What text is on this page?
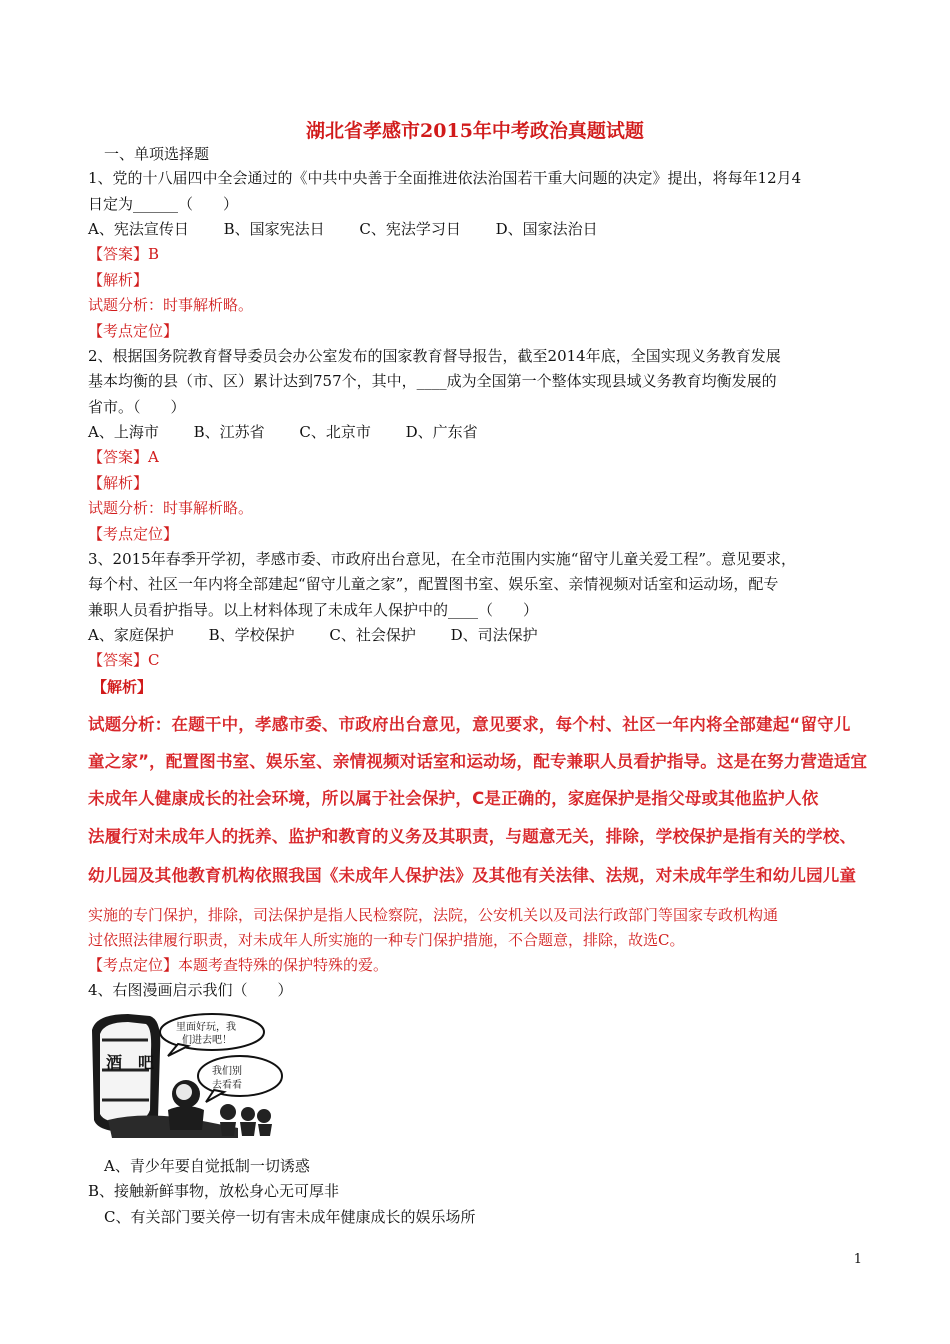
湖北省孝感市2015年中考政治真题试题
一、单项选择题
1、党的十八届四中全会通过的《中共中央善于全面推进依法治国若干重大问题的决定》提出，将每年12月4
日定为______（　　）
A、宪法宣传日　　 B、国家宪法日　　 C、宪法学习日　　 D、国家法治日
【答案】B
【解析】
试题分析：时事解析略。
【考点定位】
2、根据国务院教育督导委员会办公室发布的国家教育督导报告，截至2014年底，全国实现义务教育发展
基本均衡的县（市、区）累计达到757个，其中，____成为全国第一个整体实现县域义务教育均衡发展的
省市。（　　）
A、上海市　　 B、江苏省　　 C、北京市　　 D、广东省
【答案】A
【解析】
试题分析：时事解析略。
【考点定位】
3、2015年春季开学初，孝感市委、市政府出台意见，在全市范围内实施“留守儿童关爱工程”。意见要求，
每个村、社区一年内将全部建起“留守儿童之家”，配置图书室、娱乐室、亲情视频对话室和运动场，配专
兼职人员看护指导。以上材料体现了未成年人保护中的____（　　）
A、家庭保护　　 B、学校保护　　 C、社会保护　　 D、司法保护
【答案】C
【解析】
试题分析：在题干中，孝感市委、市政府出台意见，意见要求，每个村、社区一年内将全部建起“留守儿
童之家”，配置图书室、娱乐室、亲情视频对话室和运动场，配专兼职人员看护指导。这是在努力营造适宜
未成年人健康成长的社会环境，所以属于社会保护，C是正确的，家庭保护是指父母或其他监护人依
法履行对未成年人的抚养、监护和教育的义务及其职责，与题意无关，排除，学校保护是指有关的学校、
幼儿园及其他教育机构依照我国《未成年人保护法》及其他有关法律、法规，对未成年学生和幼儿园儿童
实施的专门保护，排除，司法保护是指人民检察院，法院，公安机关以及司法行政部门等国家专政机构通
过依照法律履行职责，对未成年人所实施的一种专门保护措施，不合题意，排除，故选C。
【考点定位】本题考查特殊的保护特殊的爱。
4、右图漫画启示我们（　　）
酒　吧
里面好玩，我
们进去吧！
我们别
去看看
A、青少年要自觉抵制一切诱惑
B、接触新鲜事物，放松身心无可厚非
C、有关部门要关停一切有害未成年健康成长的娱乐场所
1
